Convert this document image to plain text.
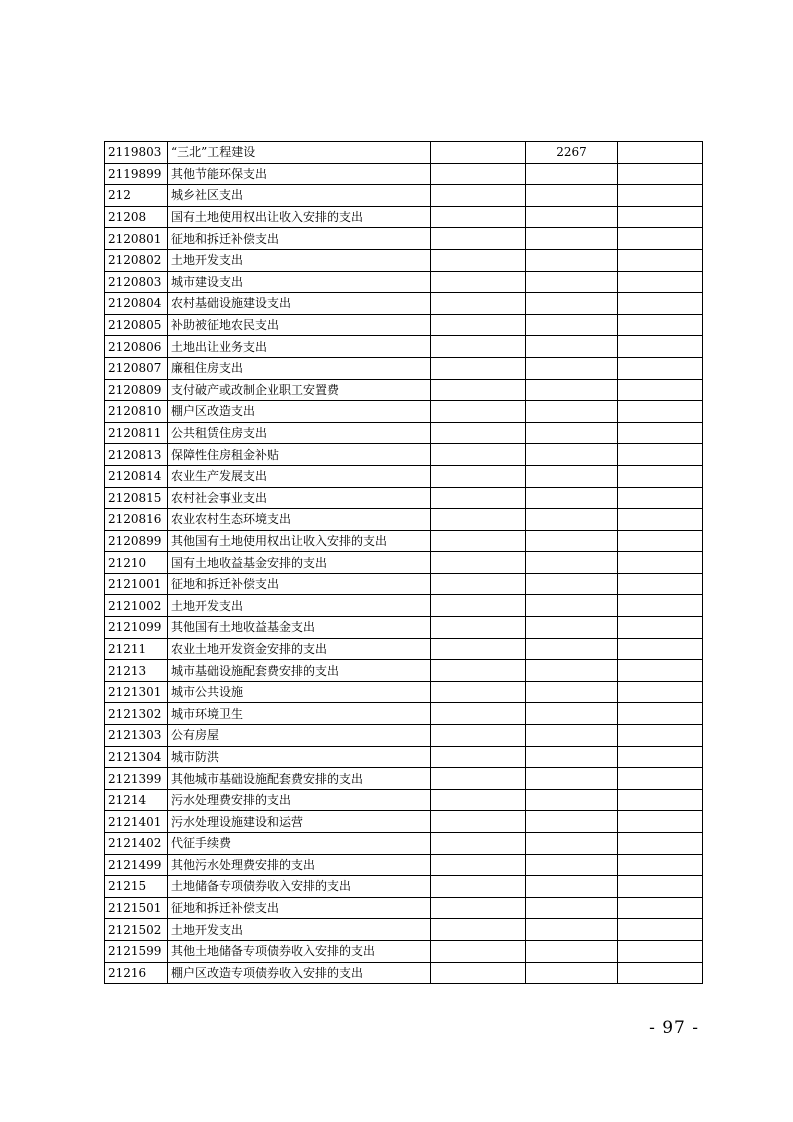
2119803	“三北”工程建设		2267	
2119899	其他节能环保支出			
212	城乡社区支出			
21208	国有土地使用权出让收入安排的支出			
2120801	征地和拆迁补偿支出			
2120802	土地开发支出			
2120803	城市建设支出			
2120804	农村基础设施建设支出			
2120805	补助被征地农民支出			
2120806	土地出让业务支出			
2120807	廉租住房支出			
2120809	支付破产或改制企业职工安置费			
2120810	棚户区改造支出			
2120811	公共租赁住房支出			
2120813	保障性住房租金补贴			
2120814	农业生产发展支出			
2120815	农村社会事业支出			
2120816	农业农村生态环境支出			
2120899	其他国有土地使用权出让收入安排的支出			
21210	国有土地收益基金安排的支出			
2121001	征地和拆迁补偿支出			
2121002	土地开发支出			
2121099	其他国有土地收益基金支出			
21211	农业土地开发资金安排的支出			
21213	城市基础设施配套费安排的支出			
2121301	城市公共设施			
2121302	城市环境卫生			
2121303	公有房屋			
2121304	城市防洪			
2121399	其他城市基础设施配套费安排的支出			
21214	污水处理费安排的支出			
2121401	污水处理设施建设和运营			
2121402	代征手续费			
2121499	其他污水处理费安排的支出			
21215	土地储备专项债券收入安排的支出			
2121501	征地和拆迁补偿支出			
2121502	土地开发支出			
2121599	其他土地储备专项债券收入安排的支出			
21216	棚户区改造专项债券收入安排的支出			
- 97 -
